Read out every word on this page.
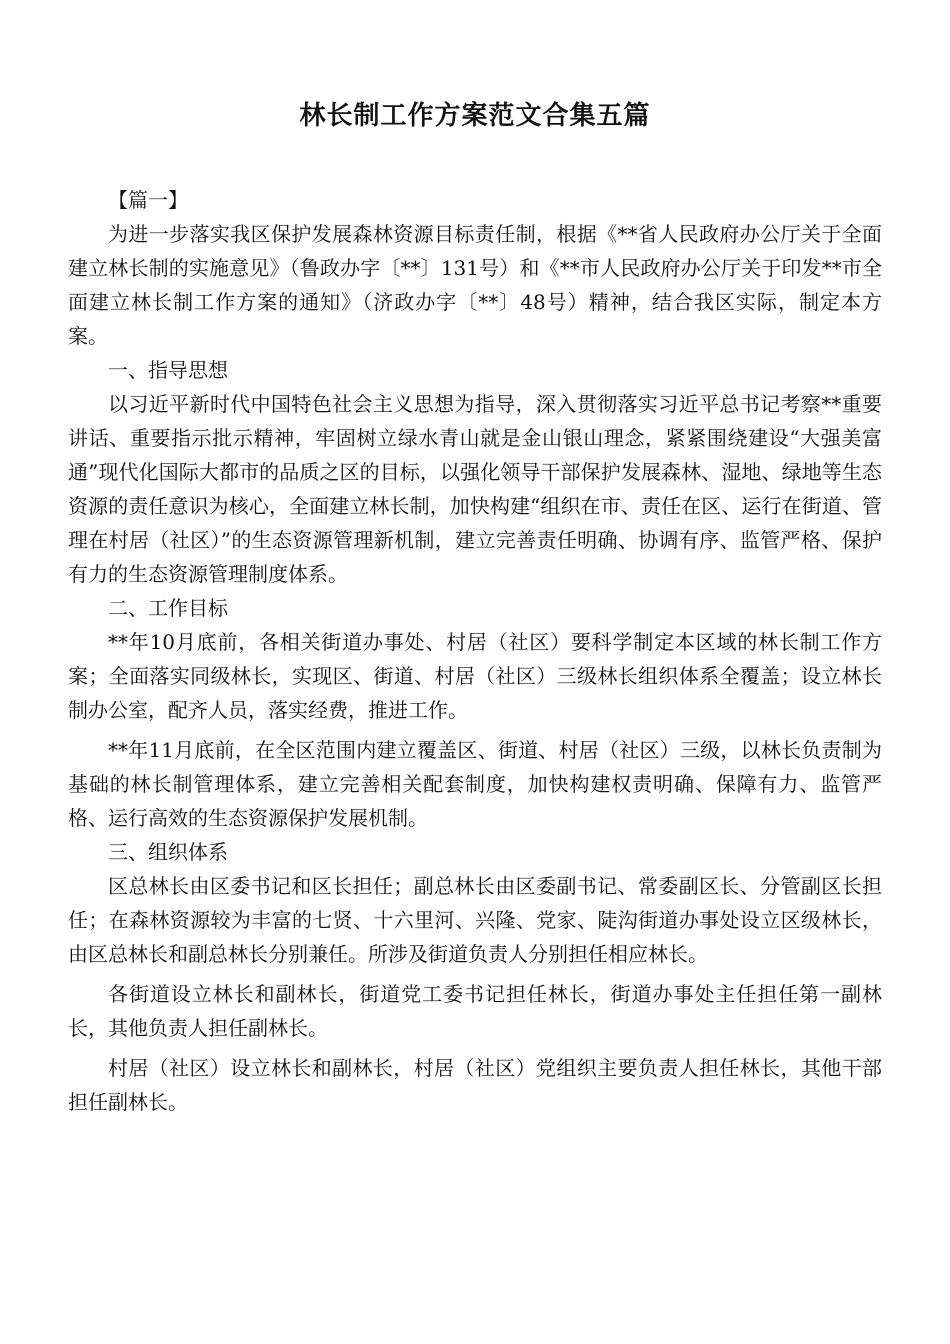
林长制工作方案范文合集五篇

【篇一】

为进一步落实我区保护发展森林资源目标责任制，根据《**省人民政府办公厅关于全面建立林长制的实施意见》（鲁政办字〔**〕131号）和《**市人民政府办公厅关于印发**市全面建立林长制工作方案的通知》（济政办字〔**〕48号）精神，结合我区实际，制定本方案。

一、指导思想

以习近平新时代中国特色社会主义思想为指导，深入贯彻落实习近平总书记考察**重要讲话、重要指示批示精神，牢固树立绿水青山就是金山银山理念，紧紧围绕建设“大强美富通”现代化国际大都市的品质之区的目标，以强化领导干部保护发展森林、湿地、绿地等生态资源的责任意识为核心，全面建立林长制，加快构建“组织在市、责任在区、运行在街道、管理在村居（社区）”的生态资源管理新机制，建立完善责任明确、协调有序、监管严格、保护有力的生态资源管理制度体系。

二、工作目标

**年10月底前，各相关街道办事处、村居（社区）要科学制定本区域的林长制工作方案；全面落实同级林长，实现区、街道、村居（社区）三级林长组织体系全覆盖；设立林长制办公室，配齐人员，落实经费，推进工作。

**年11月底前，在全区范围内建立覆盖区、街道、村居（社区）三级，以林长负责制为基础的林长制管理体系，建立完善相关配套制度，加快构建权责明确、保障有力、监管严格、运行高效的生态资源保护发展机制。

三、组织体系

区总林长由区委书记和区长担任；副总林长由区委副书记、常委副区长、分管副区长担任；在森林资源较为丰富的七贤、十六里河、兴隆、党家、陡沟街道办事处设立区级林长，由区总林长和副总林长分别兼任。所涉及街道负责人分别担任相应林长。

各街道设立林长和副林长，街道党工委书记担任林长，街道办事处主任担任第一副林长，其他负责人担任副林长。

村居（社区）设立林长和副林长，村居（社区）党组织主要负责人担任林长，其他干部担任副林长。
